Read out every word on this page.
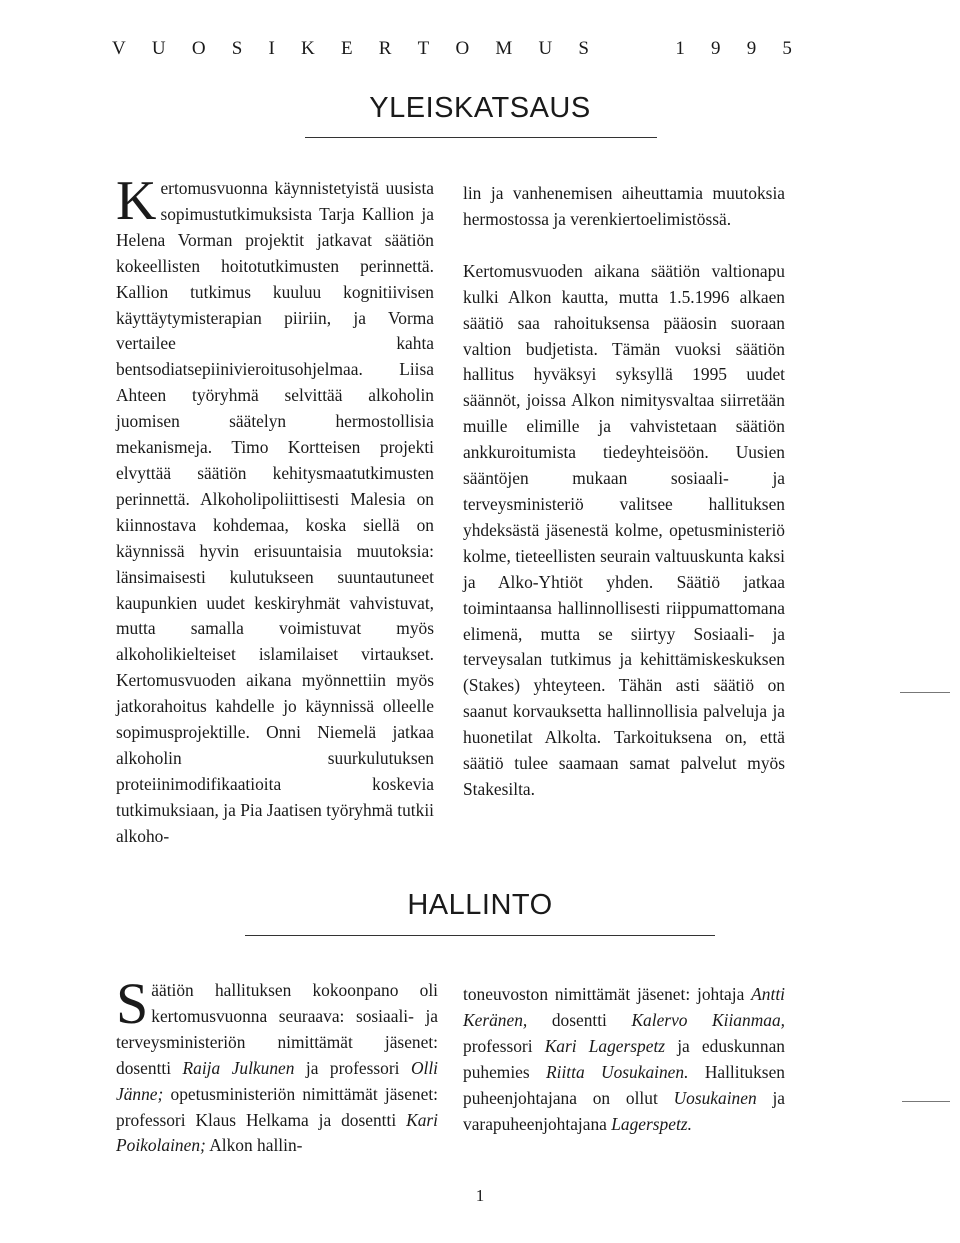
V U O S I K E R T O M U S	1 9 9 5
YLEISKATSAUS

Kertomusvuonna käynnistetyistä uusista sopimustutkimuksista Tarja Kallion ja Helena Vorman projektit jatkavat säätiön kokeellisten hoitotutkimusten perinnettä. Kallion tutkimus kuuluu kognitiivisen käyttäytymisterapian piiriin, ja Vorma vertailee kahta bentsodiatsepiinivieroitusohjelmaa. Liisa Ahteen työryhmä selvittää alkoholin juomisen säätelyn hermostollisia mekanismeja. Timo Kortteisen projekti elvyttää säätiön kehitysmaatutkimusten perinnettä. Alkoholipoliittisesti Malesia on kiinnostava kohdemaa, koska siellä on käynnissä hyvin erisuuntaisia muutoksia: länsimaisesti kulutukseen suuntautuneet kaupunkien uudet keskiryhmät vahvistuvat, mutta samalla voimistuvat myös alkoholikielteiset islamilaiset virtaukset. Kertomusvuoden aikana myönnettiin myös jatkorahoitus kahdelle jo käynnissä olleelle sopimusprojektille. Onni Niemelä jatkaa alkoholin suurkulutuksen proteiinimodifikaatioita koskevia tutkimuksiaan, ja Pia Jaatisen työryhmä tutkii alkoho-

lin ja vanhenemisen aiheuttamia muutoksia hermostossa ja verenkiertoelimistössä.

Kertomusvuoden aikana säätiön valtionapu kulki Alkon kautta, mutta 1.5.1996 alkaen säätiö saa rahoituksensa pääosin suoraan valtion budjetista. Tämän vuoksi säätiön hallitus hyväksyi syksyllä 1995 uudet säännöt, joissa Alkon nimitysvaltaa siirretään muille elimille ja vahvistetaan säätiön ankkuroitumista tiedeyhteisöön. Uusien sääntöjen mukaan sosiaali- ja terveysministeriö valitsee hallituksen yhdeksästä jäsenestä kolme, opetusministeriö kolme, tieteellisten seurain valtuuskunta kaksi ja Alko-Yhtiöt yhden. Säätiö jatkaa toimintaansa hallinnollisesti riippumattomana elimenä, mutta se siirtyy Sosiaali- ja terveysalan tutkimus ja kehittämiskeskuksen (Stakes) yhteyteen. Tähän asti säätiö on saanut korvauksetta hallinnollisia palveluja ja huonetilat Alkolta. Tarkoituksena on, että säätiö tulee saamaan samat palvelut myös Stakesilta.

HALLINTO

Säätiön hallituksen kokoonpano oli kertomusvuonna seuraava: sosiaali- ja terveysministeriön nimittämät jäsenet: dosentti Raija Julkunen ja professori Olli Jänne; opetusministeriön nimittämät jäsenet: professori Klaus Helkama ja dosentti Kari Poikolainen; Alkon hallin-

toneuvoston nimittämät jäsenet: johtaja Antti Keränen, dosentti Kalervo Kiianmaa, professori Kari Lagerspetz ja eduskunnan puhemies Riitta Uosukainen. Hallituksen puheenjohtajana on ollut Uosukainen ja varapuheenjohtajana Lagerspetz.

1
